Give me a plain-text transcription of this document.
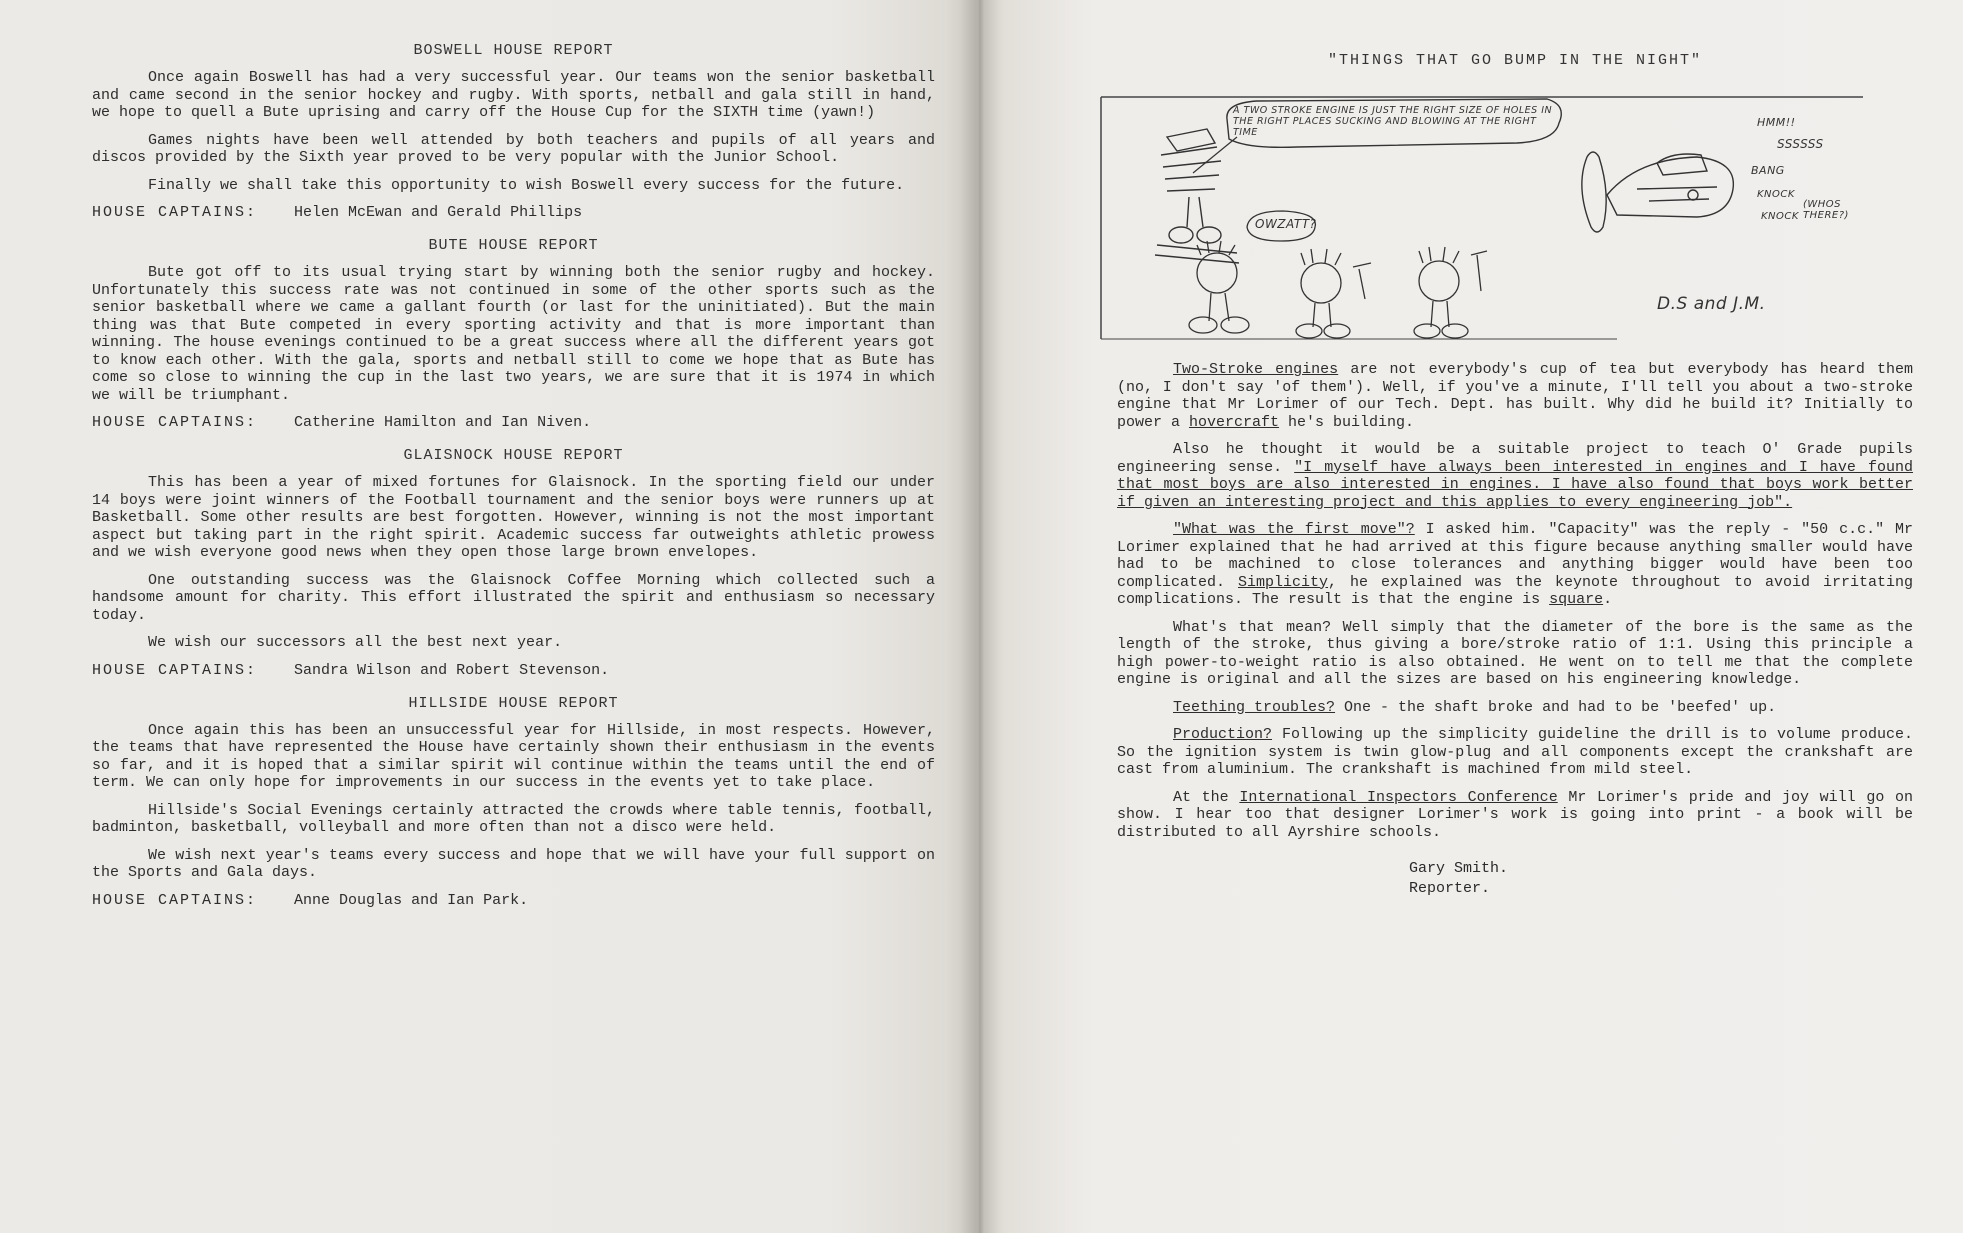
BOSWELL HOUSE REPORT

Once again Boswell has had a very successful year. Our teams won the senior basketball and came second in the senior hockey and rugby. With sports, netball and gala still in hand, we hope to quell a Bute uprising and carry off the House Cup for the SIXTH time (yawn!)

Games nights have been well attended by both teachers and pupils of all years and discos provided by the Sixth year proved to be very popular with the Junior School.

Finally we shall take this opportunity to wish Boswell every success for the future.

HOUSE CAPTAINS: Helen McEwan and Gerald Phillips
BUTE HOUSE REPORT

Bute got off to its usual trying start by winning both the senior rugby and hockey. Unfortunately this success rate was not continued in some of the other sports such as the senior basketball where we came a gallant fourth (or last for the uninitiated). But the main thing was that Bute competed in every sporting activity and that is more important than winning. The house evenings continued to be a great success where all the different years got to know each other. With the gala, sports and netball still to come we hope that as Bute has come so close to winning the cup in the last two years, we are sure that it is 1974 in which we will be triumphant.

HOUSE CAPTAINS: Catherine Hamilton and Ian Niven.
GLAISNOCK HOUSE REPORT

This has been a year of mixed fortunes for Glaisnock. In the sporting field our under 14 boys were joint winners of the Football tournament and the senior boys were runners up at Basketball. Some other results are best forgotten. However, winning is not the most important aspect but taking part in the right spirit. Academic success far outweights athletic prowess and we wish everyone good news when they open those large brown envelopes.

One outstanding success was the Glaisnock Coffee Morning which collected such a handsome amount for charity. This effort illustrated the spirit and enthusiasm so necessary today.

We wish our successors all the best next year.

HOUSE CAPTAINS: Sandra Wilson and Robert Stevenson.
HILLSIDE HOUSE REPORT

Once again this has been an unsuccessful year for Hillside, in most respects. However, the teams that have represented the House have certainly shown their enthusiasm in the events so far, and it is hoped that a similar spirit wil continue within the teams until the end of term. We can only hope for improvements in our success in the events yet to take place.

Hillside's Social Evenings certainly attracted the crowds where table tennis, football, badminton, basketball, volleyball and more often than not a disco were held.

We wish next year's teams every success and hope that we will have your full support on the Sports and Gala days.

HOUSE CAPTAINS: Anne Douglas and Ian Park.
"THINGS THAT GO BUMP IN THE NIGHT"
A TWO STROKE ENGINE IS JUST THE RIGHT SIZE OF HOLES IN THE RIGHT PLACES SUCKING AND BLOWING AT THE RIGHT TIME
OWZATT?
HMM!!
SSSSSS
BANG
KNOCK
KNOCK
(WHOS THERE?)
D.S and J.M.

Two-Stroke engines are not everybody's cup of tea but everybody has heard them (no, I don't say 'of them'). Well, if you've a minute, I'll tell you about a two-stroke engine that Mr Lorimer of our Tech. Dept. has built. Why did he build it? Initially to power a hovercraft he's building.

Also he thought it would be a suitable project to teach O' Grade pupils engineering sense. "I myself have always been interested in engines and I have found that most boys are also interested in engines. I have also found that boys work better if given an interesting project and this applies to every engineering job".

"What was the first move"? I asked him. "Capacity" was the reply - "50 c.c." Mr Lorimer explained that he had arrived at this figure because anything smaller would have had to be machined to close tolerances and anything bigger would have been too complicated. Simplicity, he explained was the keynote throughout to avoid irritating complications. The result is that the engine is square.

What's that mean? Well simply that the diameter of the bore is the same as the length of the stroke, thus giving a bore/stroke ratio of 1:1. Using this principle a high power-to-weight ratio is also obtained. He went on to tell me that the complete engine is original and all the sizes are based on his engineering knowledge.

Teething troubles? One - the shaft broke and had to be 'beefed' up.

Production? Following up the simplicity guideline the drill is to volume produce. So the ignition system is twin glow-plug and all components except the crankshaft are cast from aluminium. The crankshaft is machined from mild steel.

At the International Inspectors Conference Mr Lorimer's pride and joy will go on show. I hear too that designer Lorimer's work is going into print - a book will be distributed to all Ayrshire schools.

Gary Smith.
Reporter.
